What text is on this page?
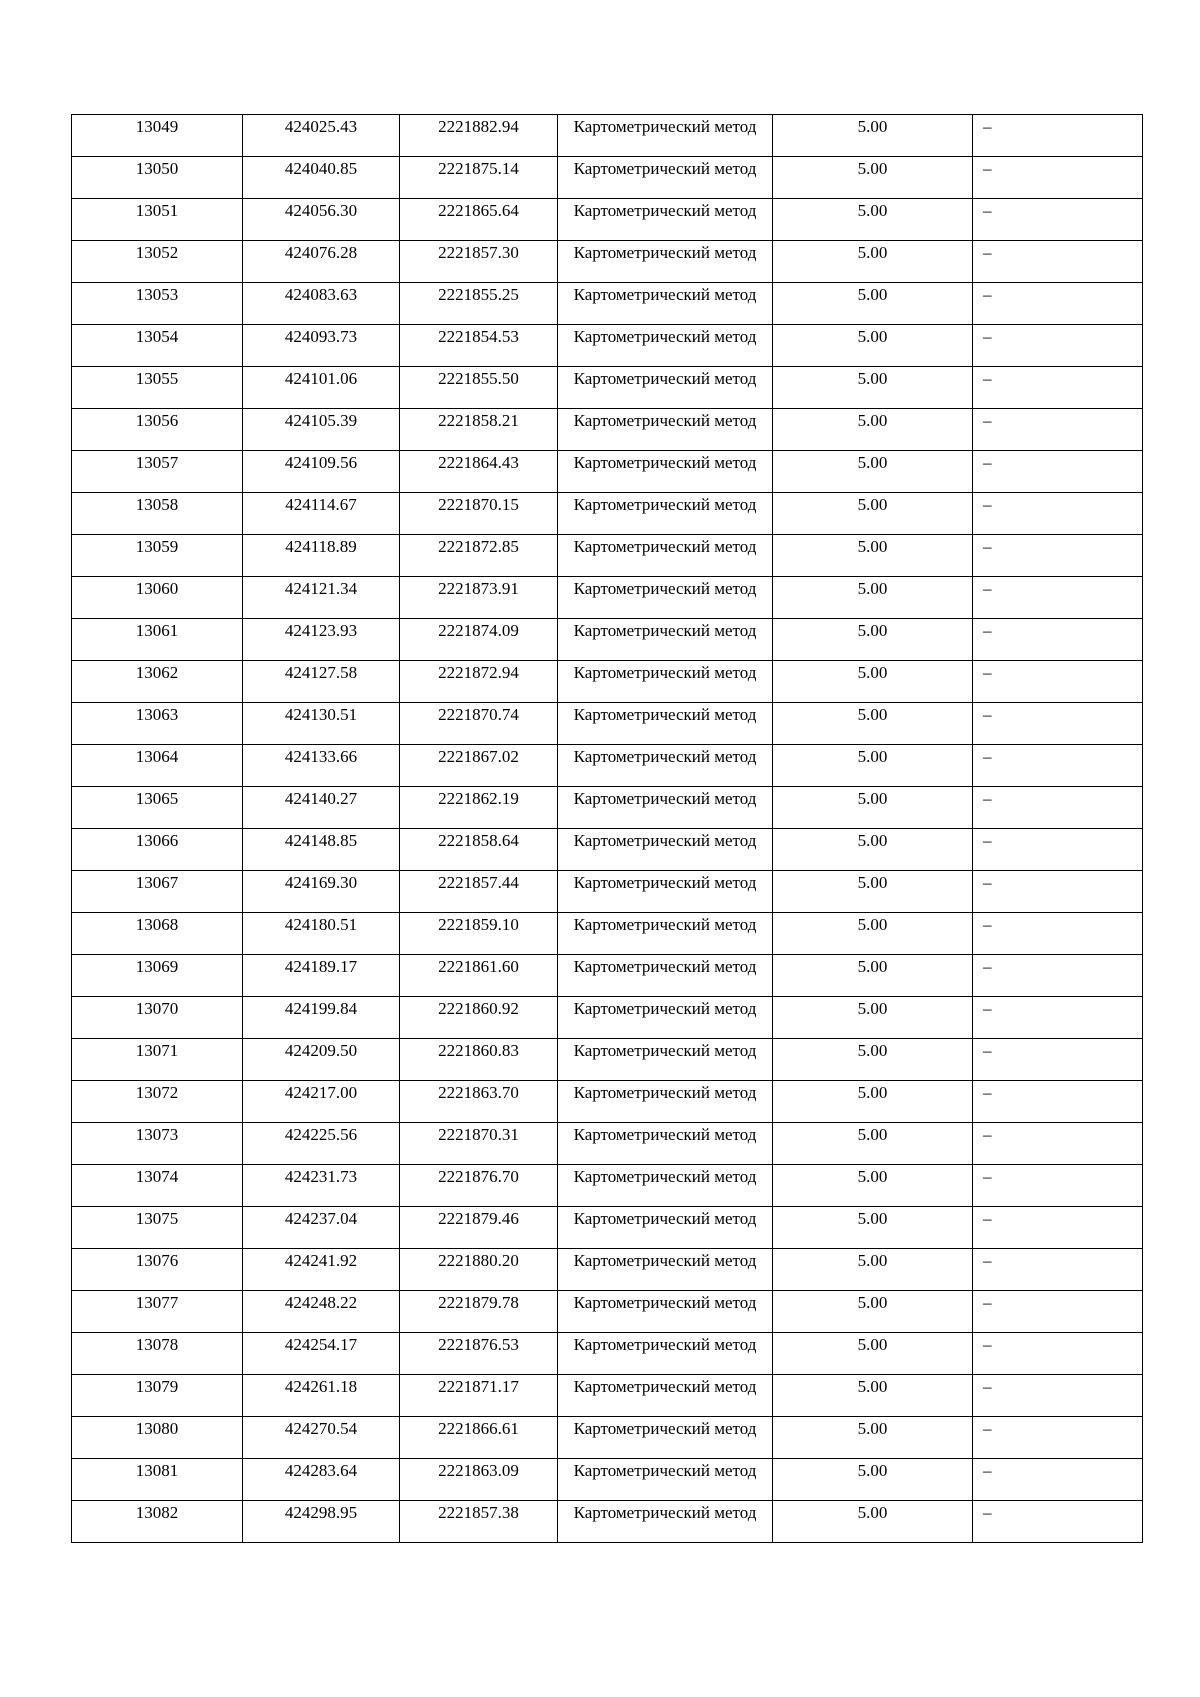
13049	424025.43	2221882.94	Картометрический метод	5.00	–

13050	424040.85	2221875.14	Картометрический метод	5.00	–

13051	424056.30	2221865.64	Картометрический метод	5.00	–

13052	424076.28	2221857.30	Картометрический метод	5.00	–

13053	424083.63	2221855.25	Картометрический метод	5.00	–

13054	424093.73	2221854.53	Картометрический метод	5.00	–

13055	424101.06	2221855.50	Картометрический метод	5.00	–

13056	424105.39	2221858.21	Картометрический метод	5.00	–

13057	424109.56	2221864.43	Картометрический метод	5.00	–

13058	424114.67	2221870.15	Картометрический метод	5.00	–

13059	424118.89	2221872.85	Картометрический метод	5.00	–

13060	424121.34	2221873.91	Картометрический метод	5.00	–

13061	424123.93	2221874.09	Картометрический метод	5.00	–

13062	424127.58	2221872.94	Картометрический метод	5.00	–

13063	424130.51	2221870.74	Картометрический метод	5.00	–

13064	424133.66	2221867.02	Картометрический метод	5.00	–

13065	424140.27	2221862.19	Картометрический метод	5.00	–

13066	424148.85	2221858.64	Картометрический метод	5.00	–

13067	424169.30	2221857.44	Картометрический метод	5.00	–

13068	424180.51	2221859.10	Картометрический метод	5.00	–

13069	424189.17	2221861.60	Картометрический метод	5.00	–

13070	424199.84	2221860.92	Картометрический метод	5.00	–

13071	424209.50	2221860.83	Картометрический метод	5.00	–

13072	424217.00	2221863.70	Картометрический метод	5.00	–

13073	424225.56	2221870.31	Картометрический метод	5.00	–

13074	424231.73	2221876.70	Картометрический метод	5.00	–

13075	424237.04	2221879.46	Картометрический метод	5.00	–

13076	424241.92	2221880.20	Картометрический метод	5.00	–

13077	424248.22	2221879.78	Картометрический метод	5.00	–

13078	424254.17	2221876.53	Картометрический метод	5.00	–

13079	424261.18	2221871.17	Картометрический метод	5.00	–

13080	424270.54	2221866.61	Картометрический метод	5.00	–

13081	424283.64	2221863.09	Картометрический метод	5.00	–

13082	424298.95	2221857.38	Картометрический метод	5.00	–
